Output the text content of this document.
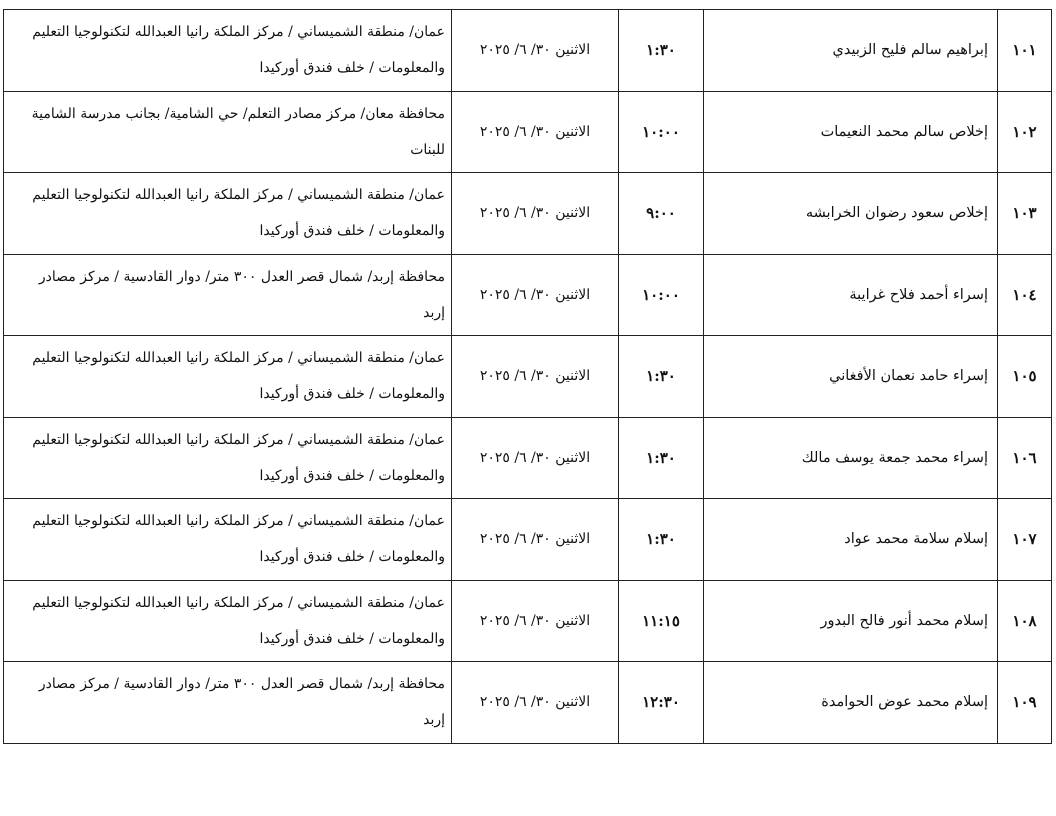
١٠١	إبراهيم سالم فليح الزبيدي	١:٣٠	الاثنين ٣٠/ ٦/ ٢٠٢٥	عمان/ منطقة الشميساني / مركز الملكة رانيا العبدالله لتكنولوجيا التعليم والمعلومات / خلف فندق أوركيدا
١٠٢	إخلاص سالم محمد النعيمات	١٠:٠٠	الاثنين ٣٠/ ٦/ ٢٠٢٥	محافظة معان/ مركز مصادر التعلم/ حي الشامية/ بجانب مدرسة الشامية للبنات
١٠٣	إخلاص سعود رضوان الخرابشه	٩:٠٠	الاثنين ٣٠/ ٦/ ٢٠٢٥	عمان/ منطقة الشميساني / مركز الملكة رانيا العبدالله لتكنولوجيا التعليم والمعلومات / خلف فندق أوركيدا
١٠٤	إسراء أحمد فلاح غرايبة	١٠:٠٠	الاثنين ٣٠/ ٦/ ٢٠٢٥	محافظة إربد/ شمال قصر العدل ٣٠٠ متر/ دوار القادسية / مركز مصادر إربد
١٠٥	إسراء حامد نعمان الأفغاني	١:٣٠	الاثنين ٣٠/ ٦/ ٢٠٢٥	عمان/ منطقة الشميساني / مركز الملكة رانيا العبدالله لتكنولوجيا التعليم والمعلومات / خلف فندق أوركيدا
١٠٦	إسراء محمد جمعة يوسف مالك	١:٣٠	الاثنين ٣٠/ ٦/ ٢٠٢٥	عمان/ منطقة الشميساني / مركز الملكة رانيا العبدالله لتكنولوجيا التعليم والمعلومات / خلف فندق أوركيدا
١٠٧	إسلام سلامة محمد عواد	١:٣٠	الاثنين ٣٠/ ٦/ ٢٠٢٥	عمان/ منطقة الشميساني / مركز الملكة رانيا العبدالله لتكنولوجيا التعليم والمعلومات / خلف فندق أوركيدا
١٠٨	إسلام محمد أنور فالح البدور	١١:١٥	الاثنين ٣٠/ ٦/ ٢٠٢٥	عمان/ منطقة الشميساني / مركز الملكة رانيا العبدالله لتكنولوجيا التعليم والمعلومات / خلف فندق أوركيدا
١٠٩	إسلام محمد عوض الحوامدة	١٢:٣٠	الاثنين ٣٠/ ٦/ ٢٠٢٥	محافظة إربد/ شمال قصر العدل ٣٠٠ متر/ دوار القادسية / مركز مصادر إربد
